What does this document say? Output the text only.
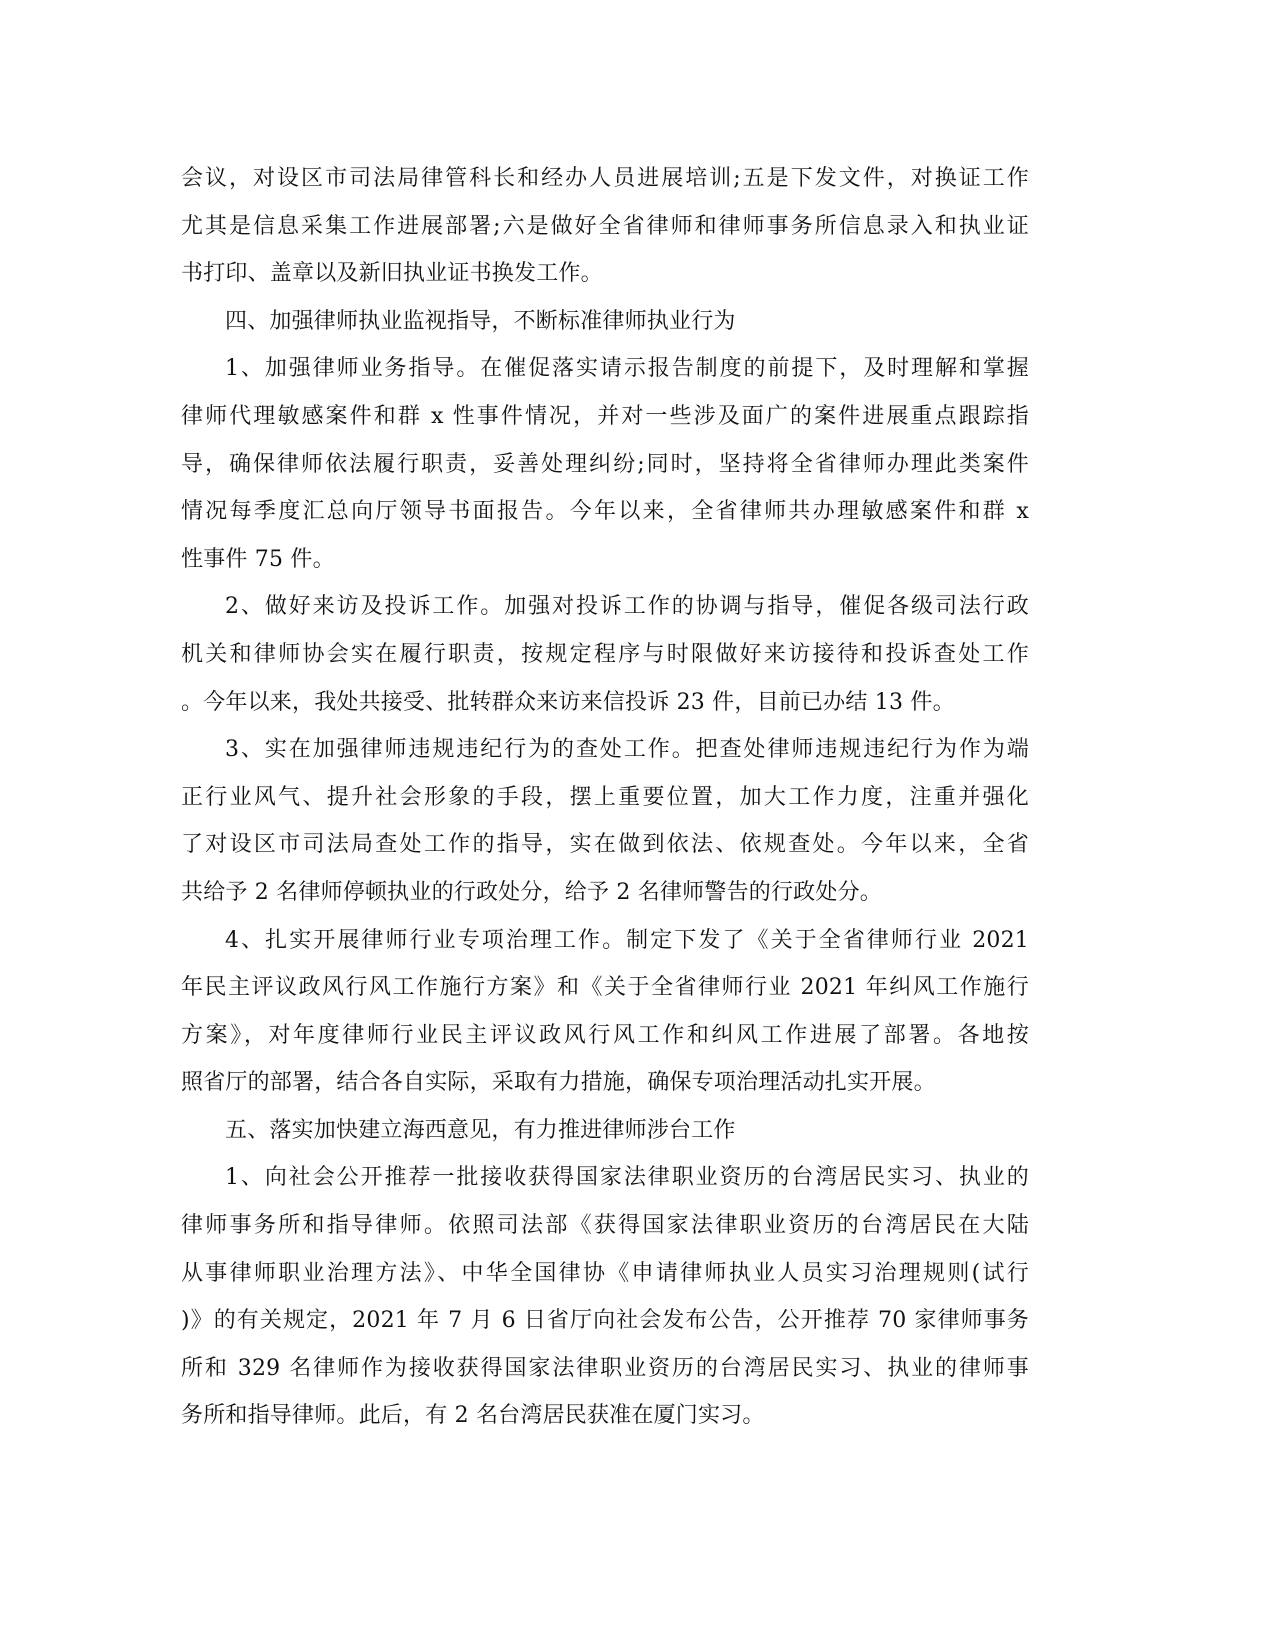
会议，对设区市司法局律管科长和经办人员进展培训;五是下发文件，对换证工作
尤其是信息采集工作进展部署;六是做好全省律师和律师事务所信息录入和执业证
书打印、盖章以及新旧执业证书换发工作。
四、加强律师执业监视指导，不断标准律师执业行为
1、加强律师业务指导。在催促落实请示报告制度的前提下，及时理解和掌握
律师代理敏感案件和群 x 性事件情况，并对一些涉及面广的案件进展重点跟踪指
导，确保律师依法履行职责，妥善处理纠纷;同时，坚持将全省律师办理此类案件
情况每季度汇总向厅领导书面报告。今年以来，全省律师共办理敏感案件和群 x
性事件 75 件。
2、做好来访及投诉工作。加强对投诉工作的协调与指导，催促各级司法行政
机关和律师协会实在履行职责，按规定程序与时限做好来访接待和投诉查处工作
。今年以来，我处共接受、批转群众来访来信投诉 23 件，目前已办结 13 件。
3、实在加强律师违规违纪行为的查处工作。把查处律师违规违纪行为作为端
正行业风气、提升社会形象的手段，摆上重要位置，加大工作力度，注重并强化
了对设区市司法局查处工作的指导，实在做到依法、依规查处。今年以来，全省
共给予 2 名律师停顿执业的行政处分，给予 2 名律师警告的行政处分。
4、扎实开展律师行业专项治理工作。制定下发了《关于全省律师行业 2021
年民主评议政风行风工作施行方案》和《关于全省律师行业 2021 年纠风工作施行
方案》，对年度律师行业民主评议政风行风工作和纠风工作进展了部署。各地按
照省厅的部署，结合各自实际，采取有力措施，确保专项治理活动扎实开展。
五、落实加快建立海西意见，有力推进律师涉台工作
1、向社会公开推荐一批接收获得国家法律职业资历的台湾居民实习、执业的
律师事务所和指导律师。依照司法部《获得国家法律职业资历的台湾居民在大陆
从事律师职业治理方法》、中华全国律协《申请律师执业人员实习治理规则(试行
)》的有关规定，2021 年 7 月 6 日省厅向社会发布公告，公开推荐 70 家律师事务
所和 329 名律师作为接收获得国家法律职业资历的台湾居民实习、执业的律师事
务所和指导律师。此后，有 2 名台湾居民获准在厦门实习。
